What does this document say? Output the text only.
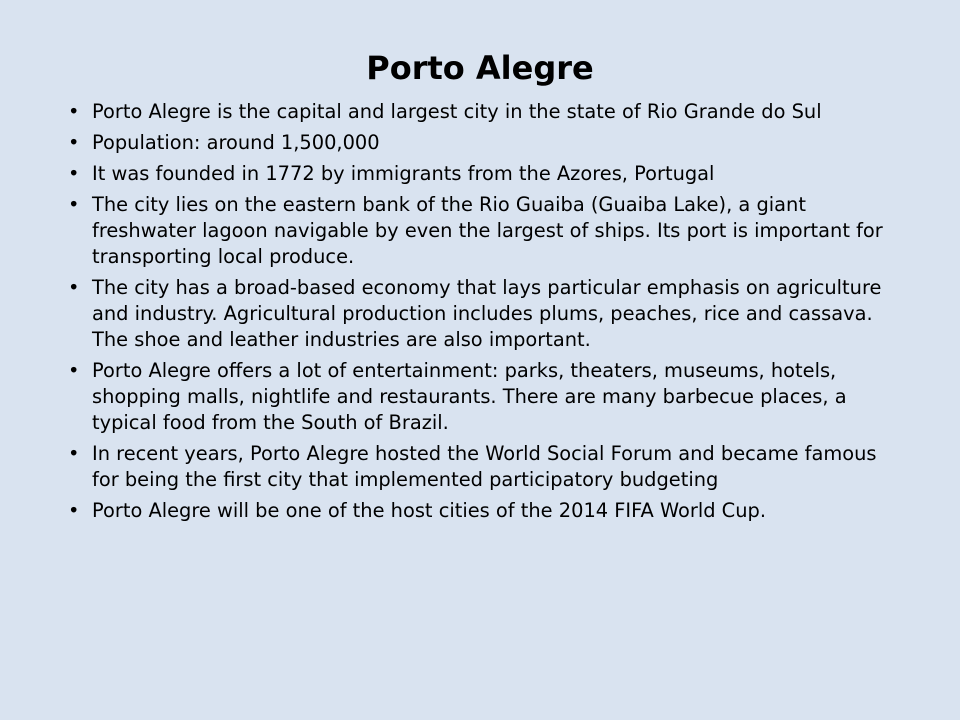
Porto Alegre
• Porto Alegre is the capital and largest city in the state of Rio Grande do Sul
• Population: around 1,500,000
• It was founded in 1772 by immigrants from the Azores, Portugal
• The city lies on the eastern bank of the Rio Guaiba (Guaiba Lake), a giant freshwater lagoon navigable by even the largest of ships. Its port is important for transporting local produce.
• The city has a broad-based economy that lays particular emphasis on agriculture and industry. Agricultural production includes plums, peaches, rice and cassava. The shoe and leather industries are also important.
• Porto Alegre offers a lot of entertainment: parks, theaters, museums, hotels, shopping malls, nightlife and restaurants. There are many barbecue places, a typical food from the South of Brazil.
• In recent years, Porto Alegre hosted the World Social Forum and became famous for being the first city that implemented participatory budgeting
• Porto Alegre will be one of the host cities of the 2014 FIFA World Cup.
